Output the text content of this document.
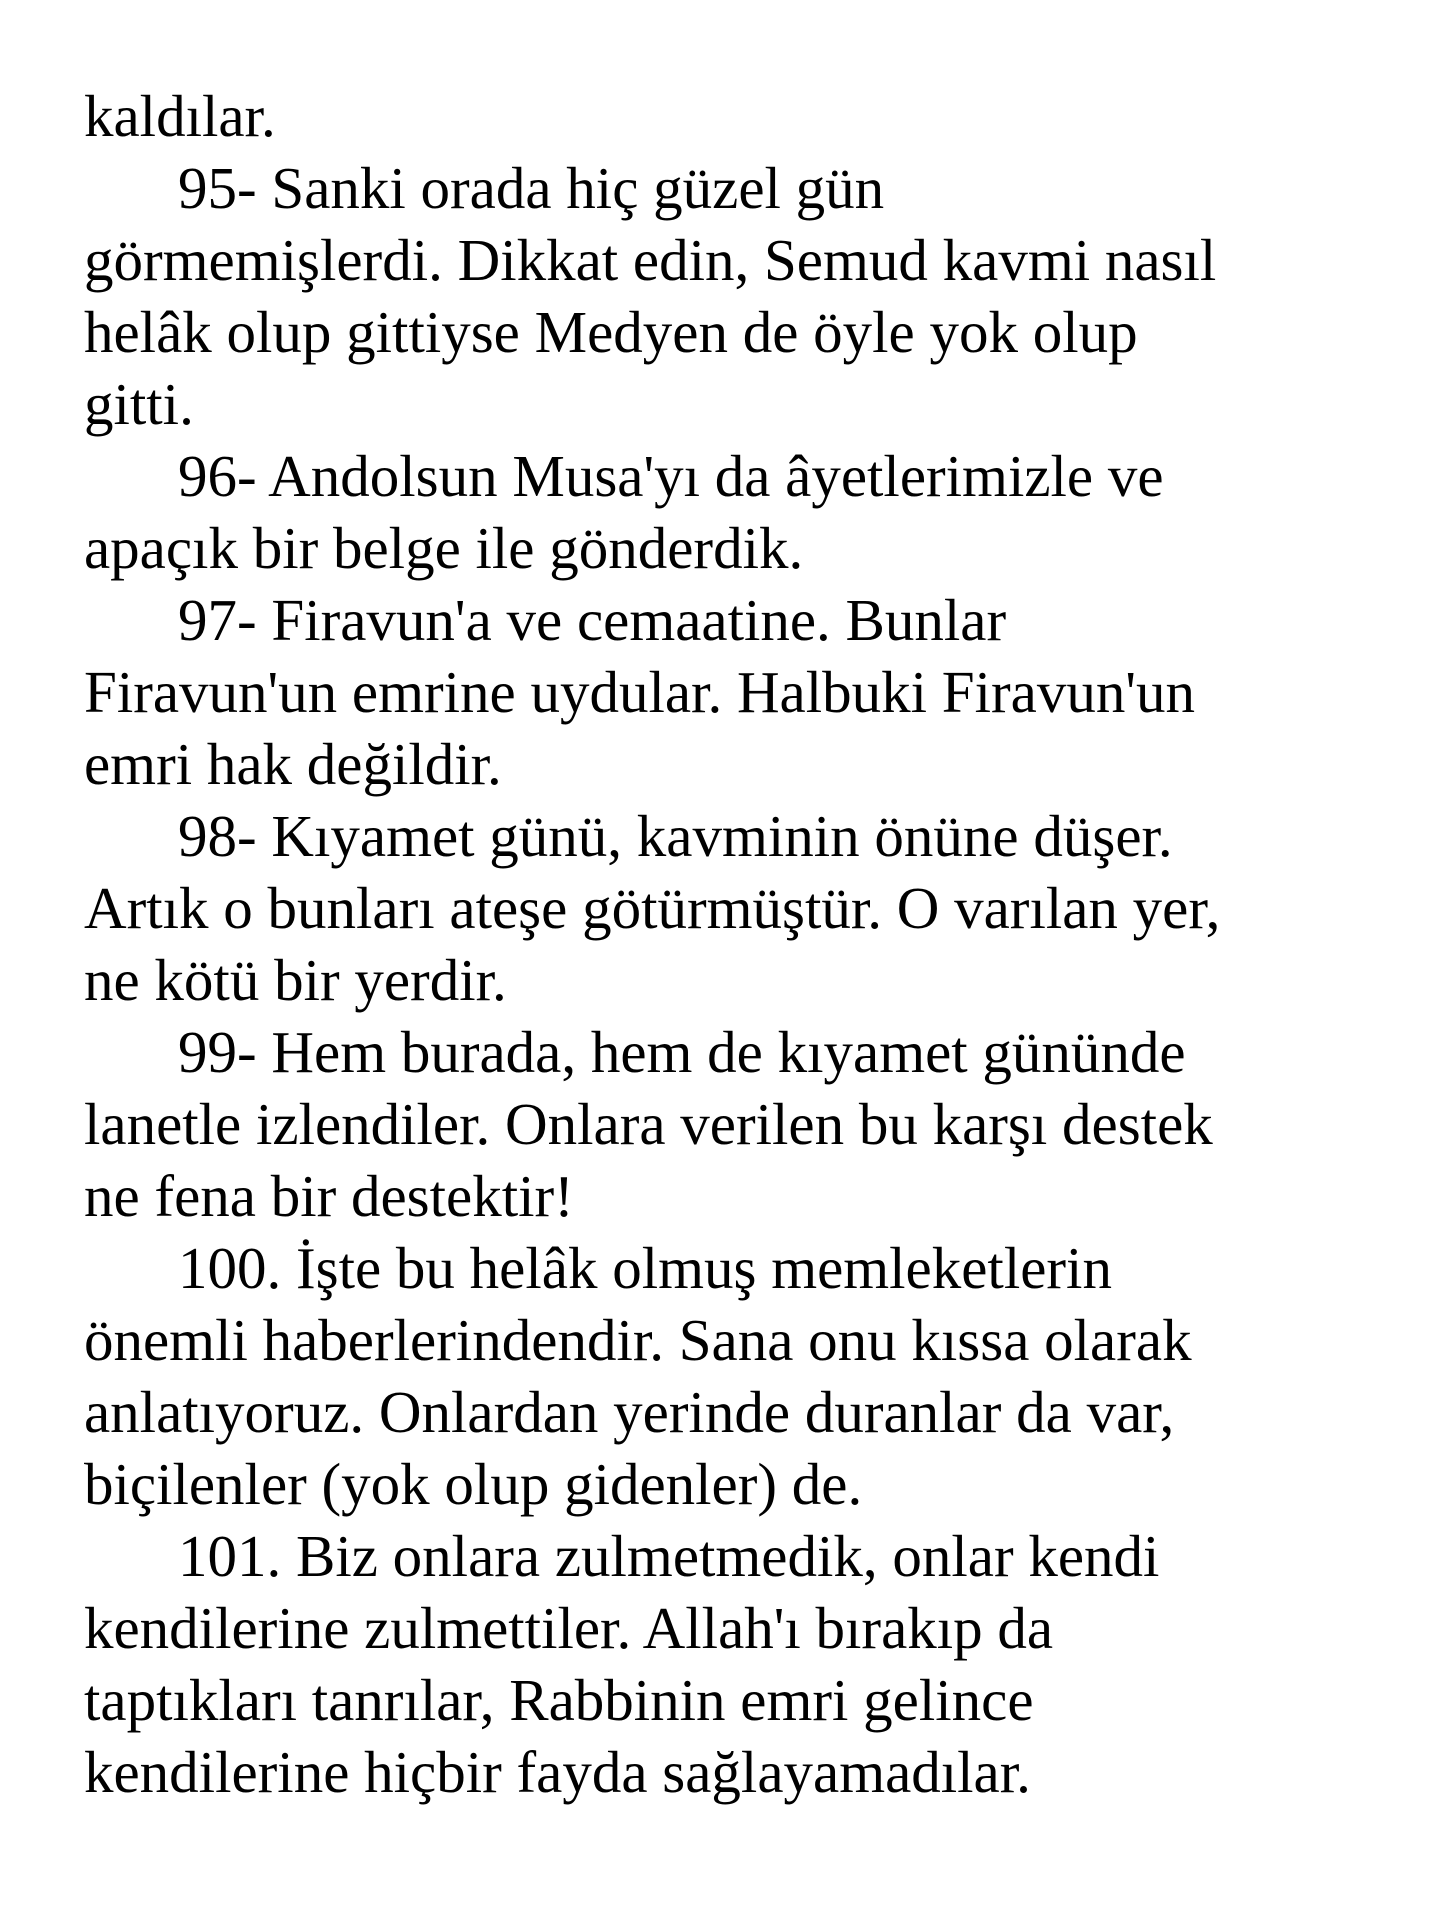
kaldılar.
95- Sanki orada hiç güzel gün
görmemişlerdi. Dikkat edin, Semud kavmi nasıl
helâk olup gittiyse Medyen de öyle yok olup
gitti.
96- Andolsun Musa'yı da âyetlerimizle ve
apaçık bir belge ile gönderdik.
97- Firavun'a ve cemaatine. Bunlar
Firavun'un emrine uydular. Halbuki Firavun'un
emri hak değildir.
98- Kıyamet günü, kavminin önüne düşer.
Artık o bunları ateşe götürmüştür. O varılan yer,
ne kötü bir yerdir.
99- Hem burada, hem de kıyamet gününde
lanetle izlendiler. Onlara verilen bu karşı destek
ne fena bir destektir!
100. İşte bu helâk olmuş memleketlerin
önemli haberlerindendir. Sana onu kıssa olarak
anlatıyoruz. Onlardan yerinde duranlar da var,
biçilenler (yok olup gidenler) de.
101. Biz onlara zulmetmedik, onlar kendi
kendilerine zulmettiler. Allah'ı bırakıp da
taptıkları tanrılar, Rabbinin emri gelince
kendilerine hiçbir fayda sağlayamadılar.
